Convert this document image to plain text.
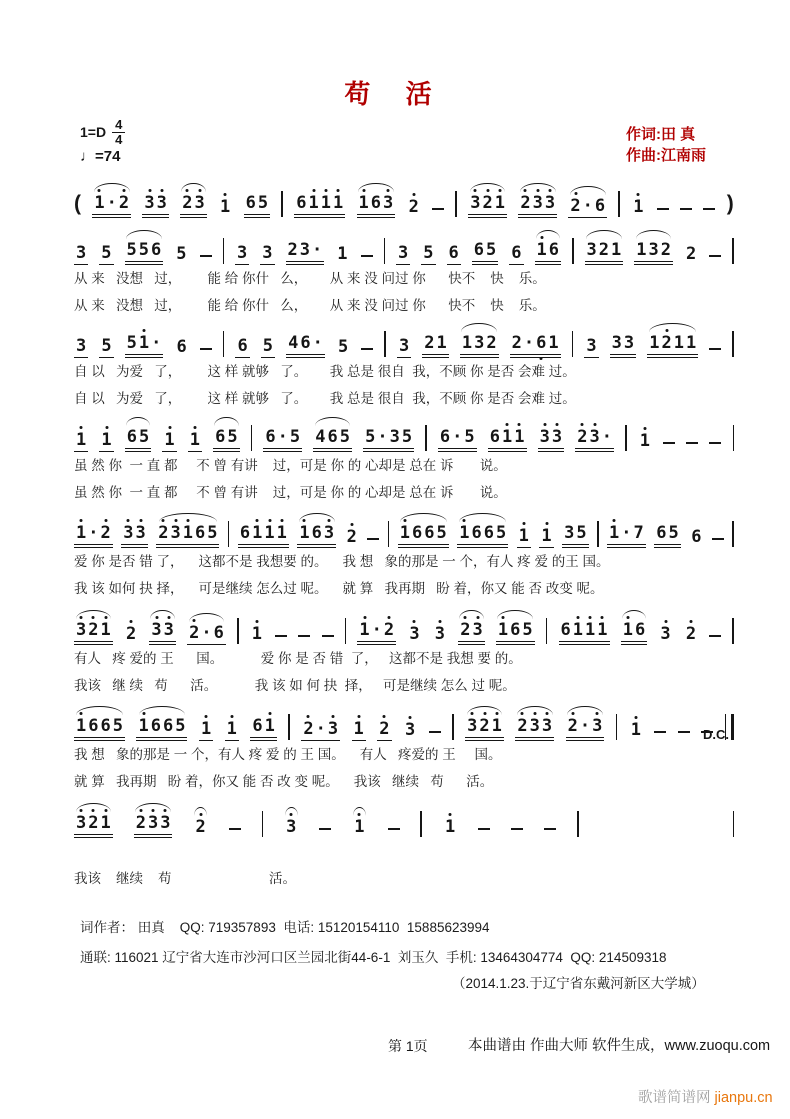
苟 活
$1=D \frac{4}{4}$
♩=74
作词:田 真
作曲:江南雨
( 1 · 2 3 3 2 3 1 6 5 6 1 1 1 1 6 3 2	3 2 1 2 3 3 2 · 6 1	)
3 5 5 5 6 5	3 3 2 3 · 1	3 5 6 6 5 6 1 6 3 2 1 1 3 2 2
从 来   没想   过，       能 给 你什   么，      从 来 没 问过 你      快不    快    乐。
从 来   没想   过，       能 给 你什   么，      从 来 没 问过 你      快不    快    乐。
3 5 5 1 · 6	6 5 4 6 · 5	3 2 1 1 3 2 2 · 6 1 3 3 3 1 2 1 1
自 以   为爱   了，       这 样 就够   了。      我 总是 很自  我，不顾 你 是否 会难 过。
自 以   为爱   了，       这 样 就够   了。      我 总是 很自  我，不顾 你 是否 会难 过。
1 1 6 5 1 1 6 5 6 · 5 4 6 5 5 · 3 5 6 · 5 6 1 1 3 3 2 3 · 1
虽 然 你  一 直 都     不 曾 有讲    过，可是 你 的 心却是 总在 诉       说。
虽 然 你  一 直 都     不 曾 有讲    过，可是 你 的 心却是 总在 诉       说。
1 · 2 3 3 2 3 1 6 5 6 1 1 1 1 6 3 2	1 6 6 5 1 6 6 5 1 1 3 5 1 · 7 6 5 6
爱 你 是否 错 了，    这都不是 我想要 的。    我 想   象的那是 一 个，有人 疼 爱 的王 国。
我 该 如何 抉 择，    可是继续 怎么过 呢。    就 算   我再期   盼 着，你又 能 否 改变 呢。
3 2 1 2 3 3 2 · 6 1	1 · 2 3 3 2 3 1 6 5 6 1 1 1 1 6 3 2
有人   疼 爱的 王      国。          爱 你 是 否 错  了，   这都不是 我想 要 的。
我该   继 续   苟      活。          我 该 如 何 抉  择，   可是继续 怎么 过 呢。
1 6 6 5 1 6 6 5 1 1 6 1 2 · 3 1 2 3	3 2 1 2 3 3 2 · 3 1
我 想   象的那是 一 个，有人 疼 爱 的 王 国。    有人   疼爱的 王     国。
就 算   我再期   盼 着，你又 能 否 改 变 呢。    我该   继续   苟      活。
3 2 1 2 3 3 2	3	1	1
我该    继续    苟                          活。
D.C.
词作者： 田真    QQ: 719357893  电话: 15120154110  15885623994
通联: 116021 辽宁省大连市沙河口区兰园北街44-6-1  刘玉久  手机: 13464304774  QQ: 214509318
（2014.1.23.于辽宁省东戴河新区大学城）
第 1页	本曲谱由 作曲大师 软件生成，www.zuoqu.com
歌谱简谱网 jianpu.cn
